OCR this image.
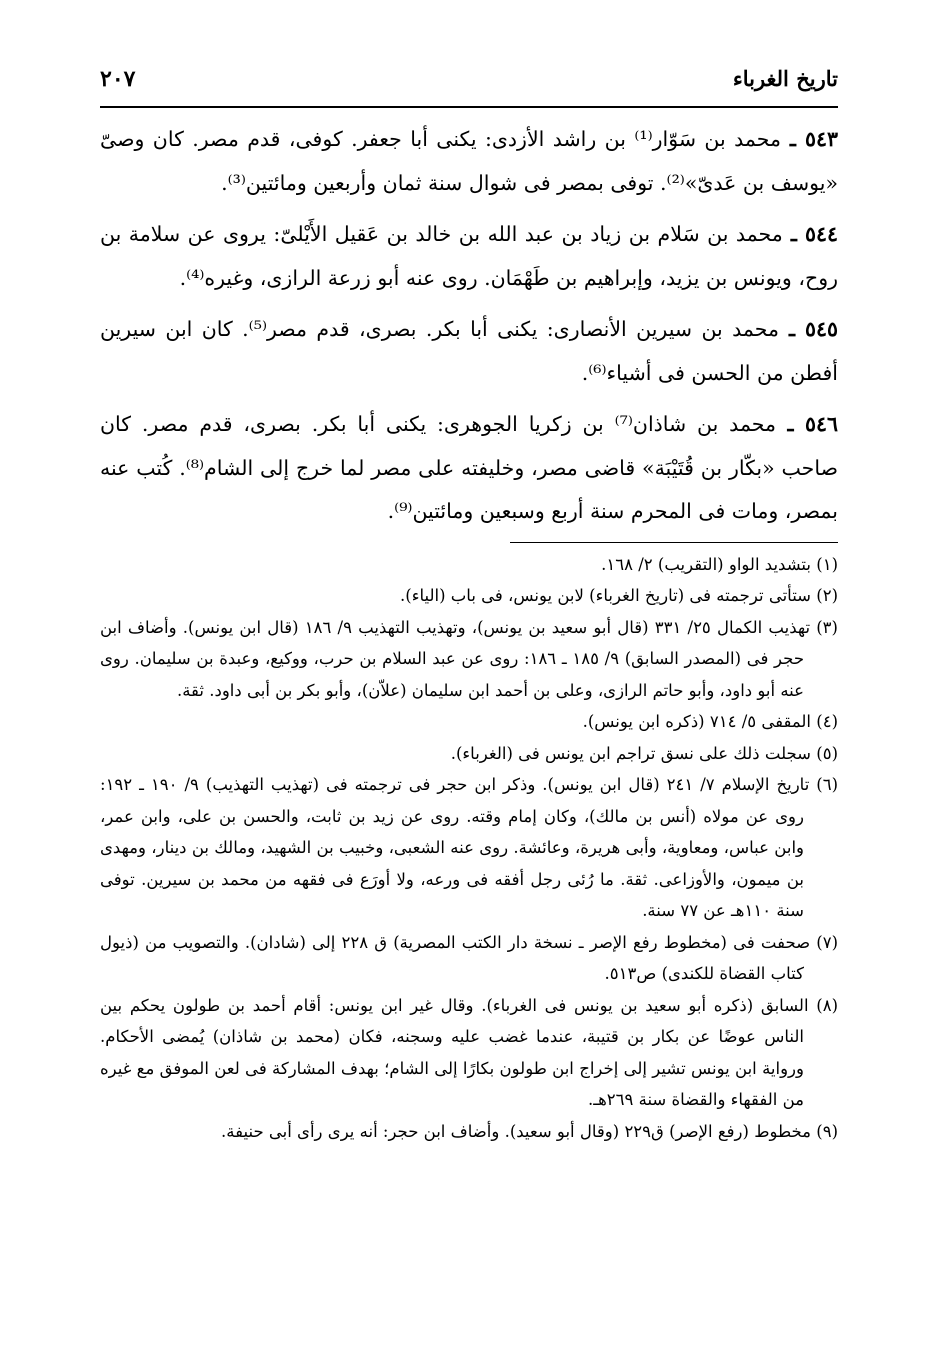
تاريخ الغرباء
٢٠٧
٥٤٣ ـ محمد بن سَوّار⁽¹⁾ بن راشد الأزدى: يكنى أبا جعفر. كوفى، قدم مصر. كان وصىّ «يوسف بن عَدىّ»⁽²⁾. توفى بمصر فى شوال سنة ثمان وأربعين ومائتين⁽³⁾.
٥٤٤ ـ محمد بن سَلام بن زياد بن عبد الله بن خالد بن عَقيل الأَيْلىّ: يروى عن سلامة بن روح، ويونس بن يزيد، وإبراهيم بن طَهْمَان. روى عنه أبو زرعة الرازى، وغيره⁽⁴⁾.
٥٤٥ ـ محمد بن سيرين الأنصارى: يكنى أبا بكر. بصرى، قدم مصر⁽⁵⁾. كان ابن سيرين أفطن من الحسن فى أشياء⁽⁶⁾.
٥٤٦ ـ محمد بن شاذان⁽⁷⁾ بن زكريا الجوهرى: يكنى أبا بكر. بصرى، قدم مصر. كان صاحب «بكّار بن قُتَيْبَة» قاضى مصر، وخليفته على مصر لما خرج إلى الشام⁽⁸⁾. كُتب عنه بمصر، ومات فى المحرم سنة أربع وسبعين ومائتين⁽⁹⁾.

(١) بتشديد الواو (التقريب) ٢/ ١٦٨.

(٢) ستأتى ترجمته فى (تاريخ الغرباء) لابن يونس، فى باب (الياء).

(٣) تهذيب الكمال ٢٥/ ٣٣١ (قال أبو سعيد بن يونس)، وتهذيب التهذيب ٩/ ١٨٦ (قال ابن يونس). وأضاف ابن حجر فى (المصدر السابق) ٩/ ١٨٥ ـ ١٨٦: روى عن عبد السلام بن حرب، ووكيع، وعبدة بن سليمان. روى عنه أبو داود، وأبو حاتم الرازى، وعلى بن أحمد ابن سليمان (علاّن)، وأبو بكر بن أبى داود. ثقة.

(٤) المقفى ٥/ ٧١٤ (ذكره ابن يونس).

(٥) سجلت ذلك على نسق تراجم ابن يونس فى (الغرباء).

(٦) تاريخ الإسلام ٧/ ٢٤١ (قال ابن يونس). وذكر ابن حجر فى ترجمته فى (تهذيب التهذيب) ٩/ ١٩٠ ـ ١٩٢: روى عن مولاه (أنس بن مالك)، وكان إمام وقته. روى عن زيد بن ثابت، والحسن بن على، وابن عمر، وابن عباس، ومعاوية، وأبى هريرة، وعائشة. روى عنه الشعبى، وخبيب بن الشهيد، ومالك بن دينار، ومهدى بن ميمون، والأوزاعى. ثقة. ما رُئى رجل أفقه فى ورعه، ولا أورَع فى فقهه من محمد بن سيرين. توفى سنة ١١٠هـ عن ٧٧ سنة.

(٧) صحفت فى (مخطوط رفع الإصر ـ نسخة دار الكتب المصرية) ق ٢٢٨ إلى (شادان). والتصويب من (ذيول كتاب القضاة للكندى) ص٥١٣.

(٨) السابق (ذكره أبو سعيد بن يونس فى الغرباء). وقال غير ابن يونس: أقام أحمد بن طولون يحكم بين الناس عوضًا عن بكار بن قتيبة، عندما غضب عليه وسجنه، فكان (محمد بن شاذان) يُمضى الأحكام. ورواية ابن يونس تشير إلى إخراج ابن طولون بكارًا إلى الشام؛ بهدف المشاركة فى لعن الموفق مع غيره من الفقهاء والقضاة سنة ٢٦٩هـ.

(٩) مخطوط (رفع الإصر) ق٢٢٩ (وقال أبو سعيد). وأضاف ابن حجر: أنه يرى رأى أبى حنيفة.
